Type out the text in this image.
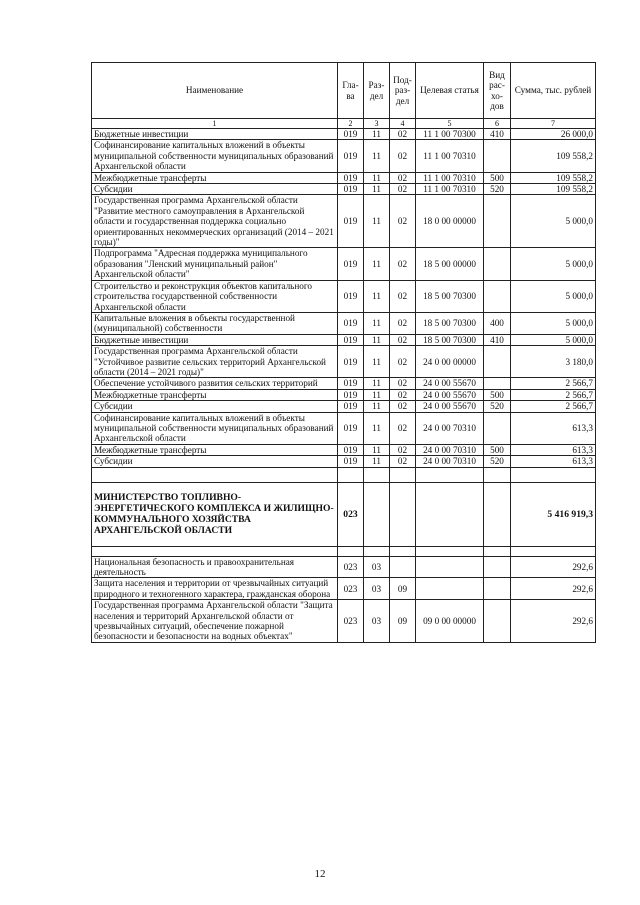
Наименование	Гла-ва	Раз-дел	Под-раз-дел	Целевая статья	Вид рас-хо-дов	Сумма, тыс. рублей
1	2	3	4	5	6	7
Бюджетные инвестиции	019	11	02	11 1 00 70300	410	26 000,0
Софинансирование капитальных вложений в объекты муниципальной собственности муниципальных образований Архангельской области	019	11	02	11 1 00 70310		109 558,2
Межбюджетные трансферты	019	11	02	11 1 00 70310	500	109 558,2
Субсидии	019	11	02	11 1 00 70310	520	109 558,2
Государственная программа Архангельской области "Развитие местного самоуправления в Архангельской области и государственная поддержка социально ориентированных некоммерческих организаций (2014 – 2021 годы)"	019	11	02	18 0 00 00000		5 000,0
Подпрограмма "Адресная поддержка муниципального образования "Ленский муниципальный район" Архангельской области"	019	11	02	18 5 00 00000		5 000,0
Строительство и реконструкция объектов капитального строительства государственной собственности Архангельской области	019	11	02	18 5 00 70300		5 000,0
Капитальные вложения в объекты государственной (муниципальной) собственности	019	11	02	18 5 00 70300	400	5 000,0
Бюджетные инвестиции	019	11	02	18 5 00 70300	410	5 000,0
Государственная программа Архангельской области "Устойчивое развитие сельских территорий Архангельской области (2014 – 2021 годы)"	019	11	02	24 0 00 00000		3 180,0
Обеспечение устойчивого развития сельских территорий	019	11	02	24 0 00 55670		2 566,7
Межбюджетные трансферты	019	11	02	24 0 00 55670	500	2 566,7
Субсидии	019	11	02	24 0 00 55670	520	2 566,7
Софинансирование капитальных вложений в объекты муниципальной собственности муниципальных образований Архангельской области	019	11	02	24 0 00 70310		613,3
Межбюджетные трансферты	019	11	02	24 0 00 70310	500	613,3
Субсидии	019	11	02	24 0 00 70310	520	613,3

МИНИСТЕРСТВО ТОПЛИВНО-ЭНЕРГЕТИЧЕСКОГО КОМПЛЕКСА И ЖИЛИЩНО-КОММУНАЛЬНОГО ХОЗЯЙСТВА АРХАНГЕЛЬСКОЙ ОБЛАСТИ	023					5 416 919,3

Национальная безопасность и правоохранительная деятельность	023	03				292,6
Защита населения и территории от чрезвычайных ситуаций природного и техногенного характера, гражданская оборона	023	03	09			292,6
Государственная программа Архангельской области "Защита населения и территорий Архангельской области от чрезвычайных ситуаций, обеспечение пожарной безопасности и безопасности на водных объектах"	023	03	09	09 0 00 00000		292,6
12
